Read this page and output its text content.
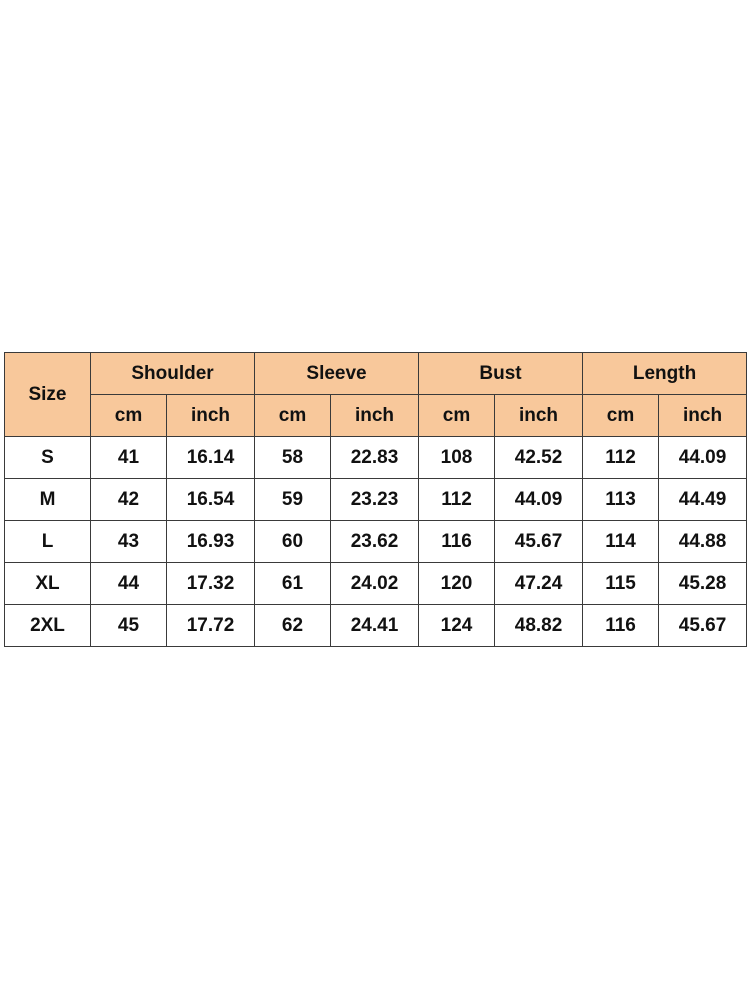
Size	Shoulder		Sleeve		Bust		Length	
	cm	inch	cm	inch	cm	inch	cm	inch
S	41	16.14	58	22.83	108	42.52	112	44.09
M	42	16.54	59	23.23	112	44.09	113	44.49
L	43	16.93	60	23.62	116	45.67	114	44.88
XL	44	17.32	61	24.02	120	47.24	115	45.28
2XL	45	17.72	62	24.41	124	48.82	116	45.67
